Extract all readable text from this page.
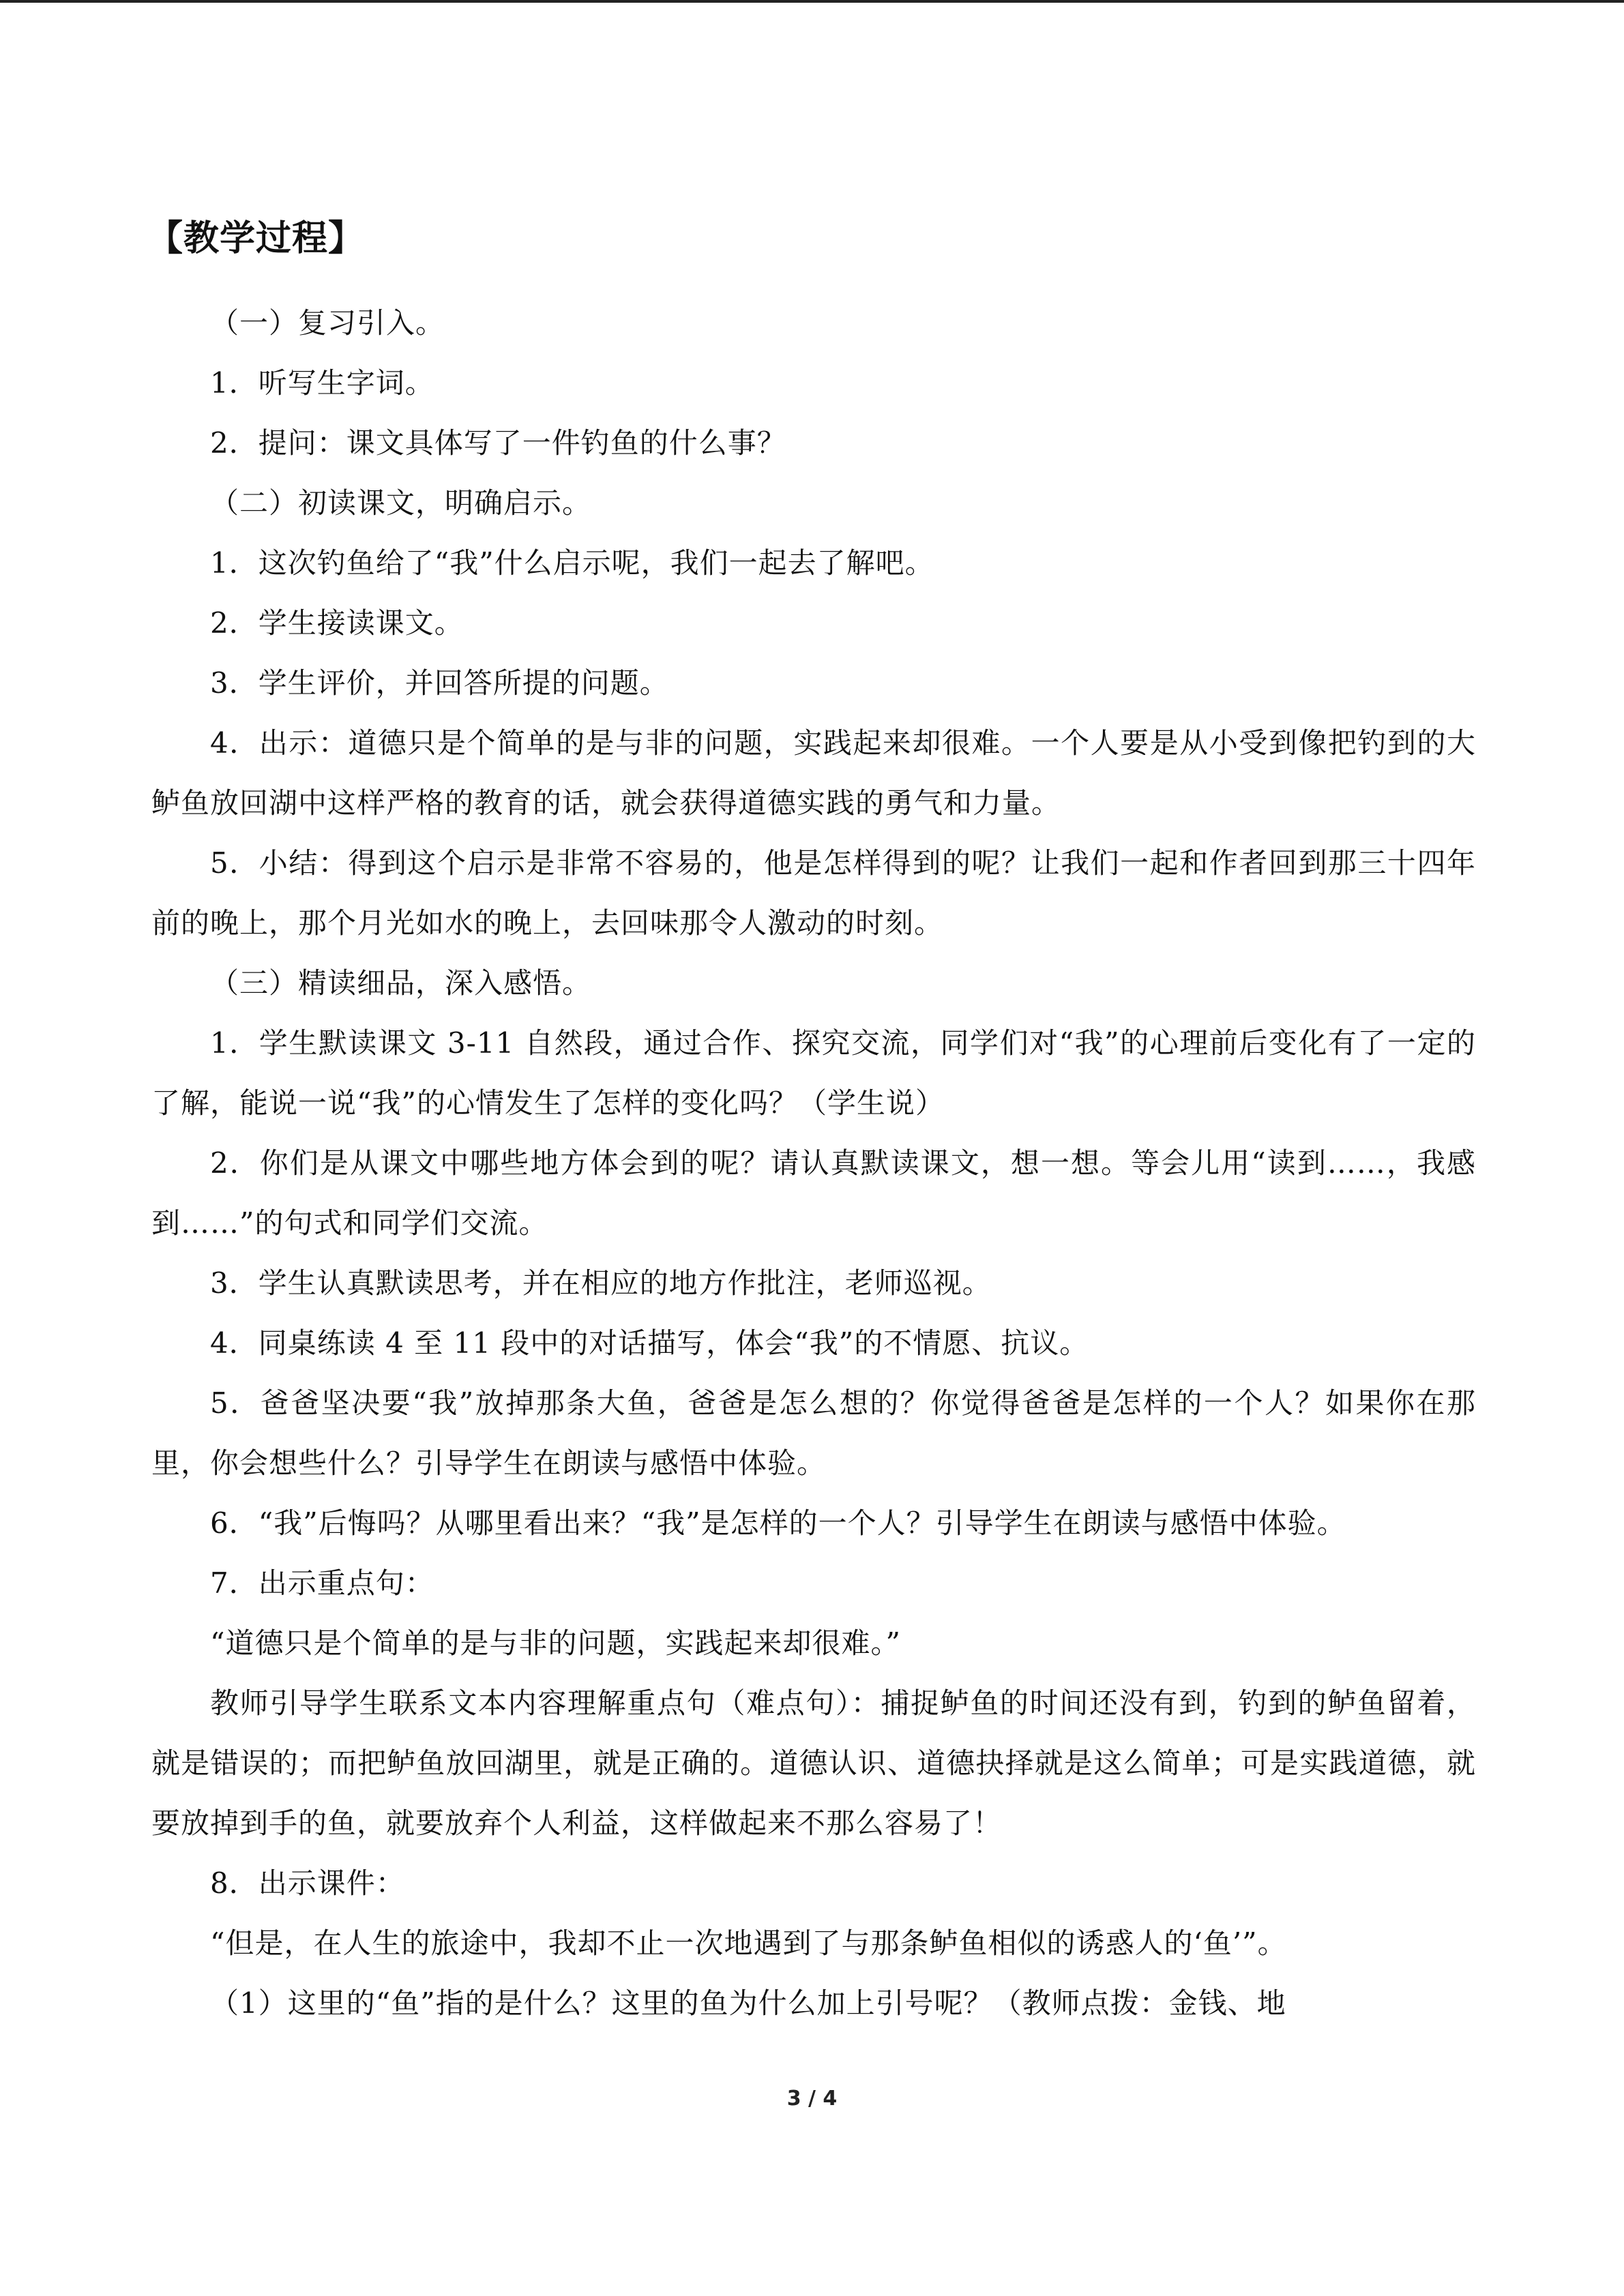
【教学过程】

（一）复习引入。

1．听写生字词。

2．提问：课文具体写了一件钓鱼的什么事？

（二）初读课文，明确启示。

1．这次钓鱼给了“我”什么启示呢，我们一起去了解吧。

2．学生接读课文。

3．学生评价，并回答所提的问题。

4．出示：道德只是个简单的是与非的问题，实践起来却很难。一个人要是从小受到像把钓到的大鲈鱼放回湖中这样严格的教育的话，就会获得道德实践的勇气和力量。

5．小结：得到这个启示是非常不容易的，他是怎样得到的呢？让我们一起和作者回到那三十四年前的晚上，那个月光如水的晚上，去回味那令人激动的时刻。

（三）精读细品，深入感悟。

1．学生默读课文 3-11 自然段，通过合作、探究交流，同学们对“我”的心理前后变化有了一定的了解，能说一说“我”的心情发生了怎样的变化吗？（学生说）

2．你们是从课文中哪些地方体会到的呢？请认真默读课文，想一想。等会儿用“读到……，我感到……”的句式和同学们交流。

3．学生认真默读思考，并在相应的地方作批注，老师巡视。

4．同桌练读 4 至 11 段中的对话描写，体会“我”的不情愿、抗议。

5．爸爸坚决要“我”放掉那条大鱼，爸爸是怎么想的？你觉得爸爸是怎样的一个人？如果你在那里，你会想些什么？引导学生在朗读与感悟中体验。

6．“我”后悔吗？从哪里看出来？“我”是怎样的一个人？引导学生在朗读与感悟中体验。

7．出示重点句：

“道德只是个简单的是与非的问题，实践起来却很难。”

教师引导学生联系文本内容理解重点句（难点句）：捕捉鲈鱼的时间还没有到，钓到的鲈鱼留着，就是错误的；而把鲈鱼放回湖里，就是正确的。道德认识、道德抉择就是这么简单；可是实践道德，就要放掉到手的鱼，就要放弃个人利益，这样做起来不那么容易了！

8．出示课件：

“但是，在人生的旅途中，我却不止一次地遇到了与那条鲈鱼相似的诱惑人的‘鱼’”。

（1）这里的“鱼”指的是什么？这里的鱼为什么加上引号呢？（教师点拨：金钱、地

3 / 4
